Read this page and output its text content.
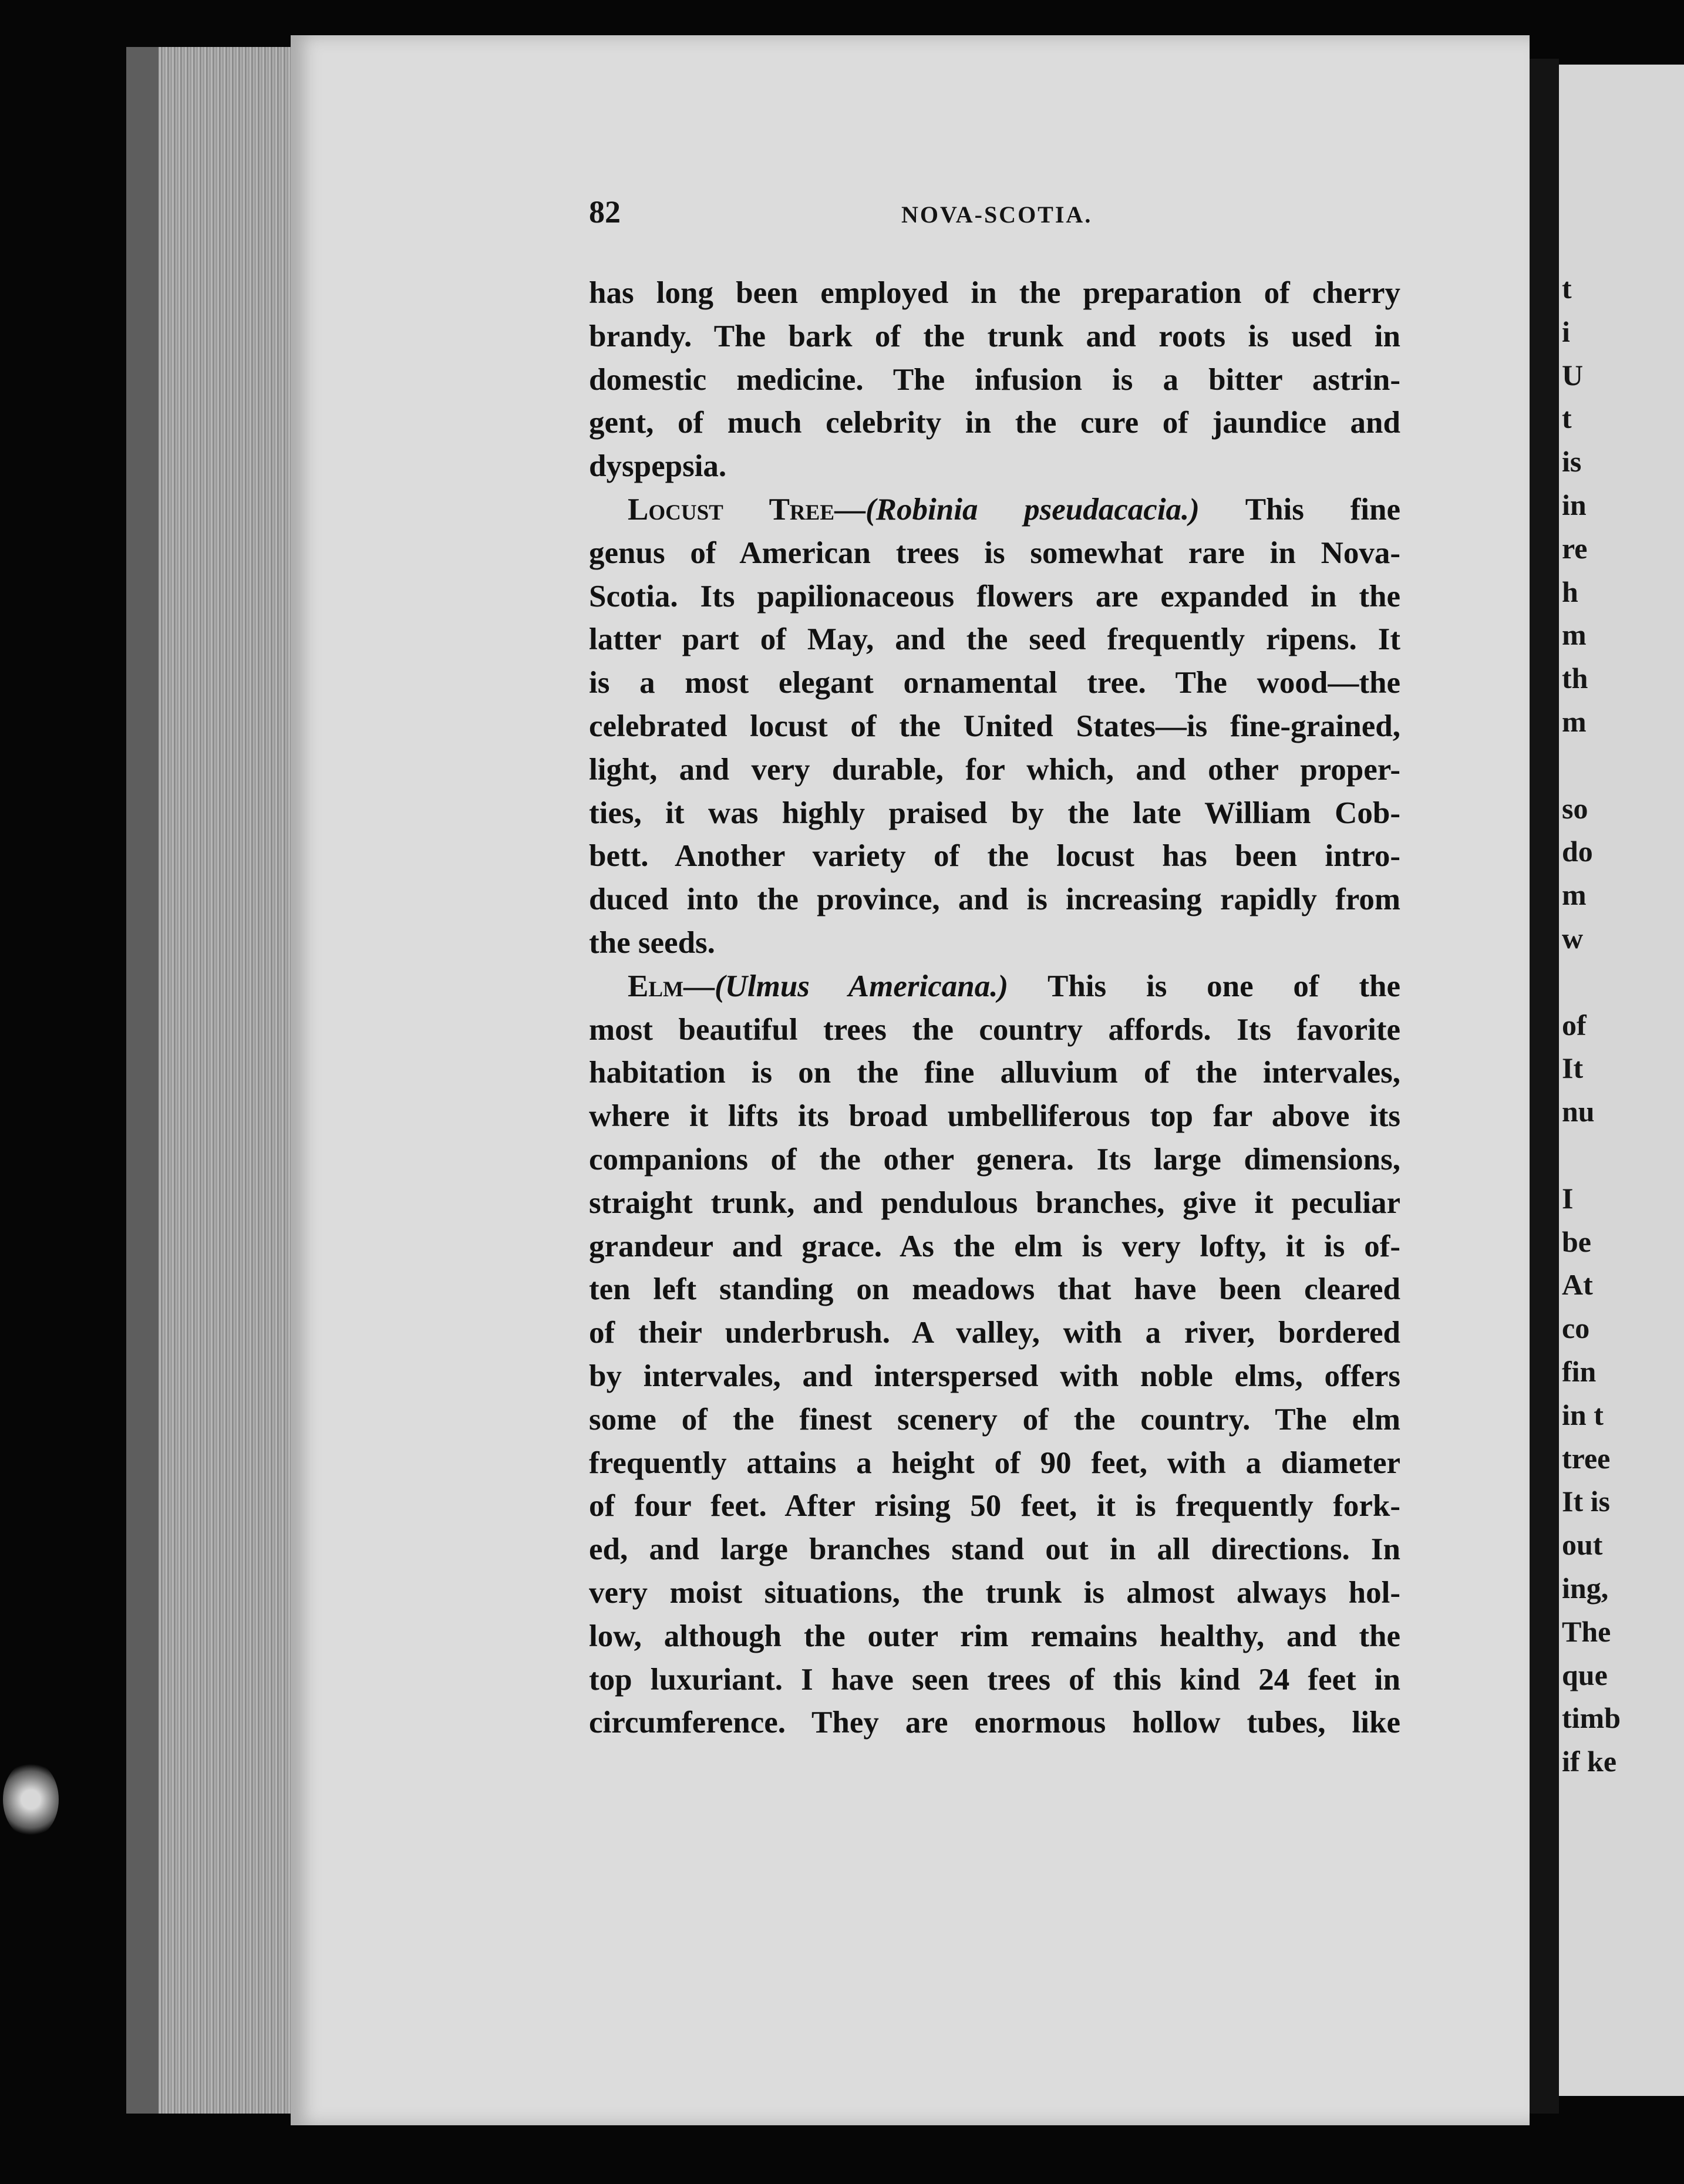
82	NOVA-SCOTIA.
has long been employed in the preparation of cherry
brandy. The bark of the trunk and roots is used in
domestic medicine. The infusion is a bitter astrin-
gent, of much celebrity in the cure of jaundice and
dyspepsia.
Locust Tree—(Robinia pseudacacia.) This fine
genus of American trees is somewhat rare in Nova-
Scotia. Its papilionaceous flowers are expanded in the
latter part of May, and the seed frequently ripens. It
is a most elegant ornamental tree. The wood—the
celebrated locust of the United States—is fine-grained,
light, and very durable, for which, and other proper-
ties, it was highly praised by the late William Cob-
bett. Another variety of the locust has been intro-
duced into the province, and is increasing rapidly from
the seeds.
Elm—(Ulmus Americana.) This is one of the
most beautiful trees the country affords. Its favorite
habitation is on the fine alluvium of the intervales,
where it lifts its broad umbelliferous top far above its
companions of the other genera. Its large dimensions,
straight trunk, and pendulous branches, give it peculiar
grandeur and grace. As the elm is very lofty, it is of-
ten left standing on meadows that have been cleared
of their underbrush. A valley, with a river, bordered
by intervales, and interspersed with noble elms, offers
some of the finest scenery of the country. The elm
frequently attains a height of 90 feet, with a diameter
of four feet. After rising 50 feet, it is frequently fork-
ed, and large branches stand out in all directions. In
very moist situations, the trunk is almost always hol-
low, although the outer rim remains healthy, and the
top luxuriant. I have seen trees of this kind 24 feet in
circumference. They are enormous hollow tubes, like
t
i
U
t
is
in
re
h
m
th
m
so
do
m
w
of
It
nu
I
be
At
co
fin
in t
tree
It is
out
ing,
The
que
timb
if ke
